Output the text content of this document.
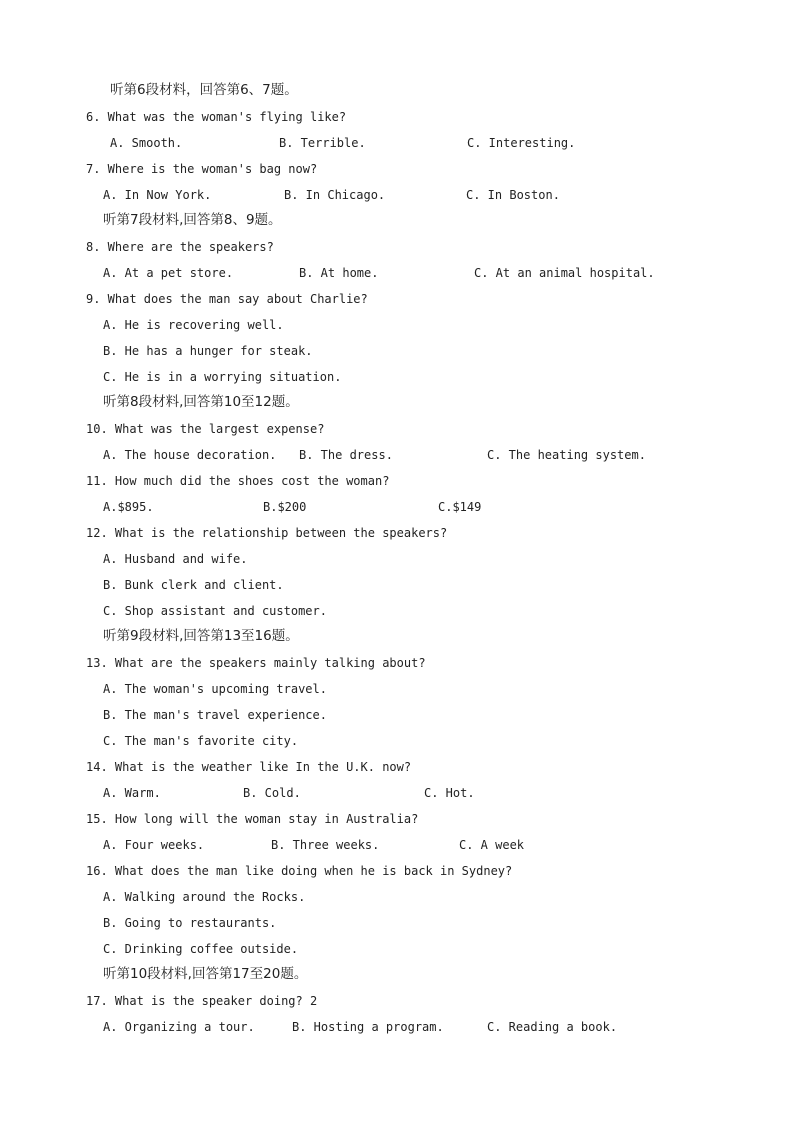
听第6段材料，回答第6、7题。
6. What was the woman's flying like?
A. Smooth.	B. Terrible.	C. Interesting.
7. Where is the woman's bag now?
A. In Now York.	B. In Chicago.	C. In Boston.
听第7段材料,回答第8、9题。
8. Where are the speakers?
A. At a pet store.	B. At home.	C. At an animal hospital.
9. What does the man say about Charlie?
A. He is recovering well.
B. He has a hunger for steak.
C. He is in a worrying situation.
听第8段材料,回答第10至12题。
10. What was the largest expense?
A. The house decoration. B. The dress.	C. The heating system.
11. How much did the shoes cost the woman?
A.$895.	B.$200	C.$149
12. What is the relationship between the speakers?
A. Husband and wife.
B. Bunk clerk and client.
C. Shop assistant and customer.
听第9段材料,回答第13至16题。
13. What are the speakers mainly talking about?
A. The woman's upcoming travel.
B. The man's travel experience.
C. The man's favorite city.
14. What is the weather like In the U.K. now?
A. Warm.	B. Cold.	C. Hot.
15. How long will the woman stay in Australia?
A. Four weeks.	B. Three weeks.	C. A week
16. What does the man like doing when he is back in Sydney?
A. Walking around the Rocks.
B. Going to restaurants.
C. Drinking coffee outside.
听第10段材料,回答第17至20题。
17. What is the speaker doing? 2
A. Organizing a tour.	B. Hosting a program.	C. Reading a book.
